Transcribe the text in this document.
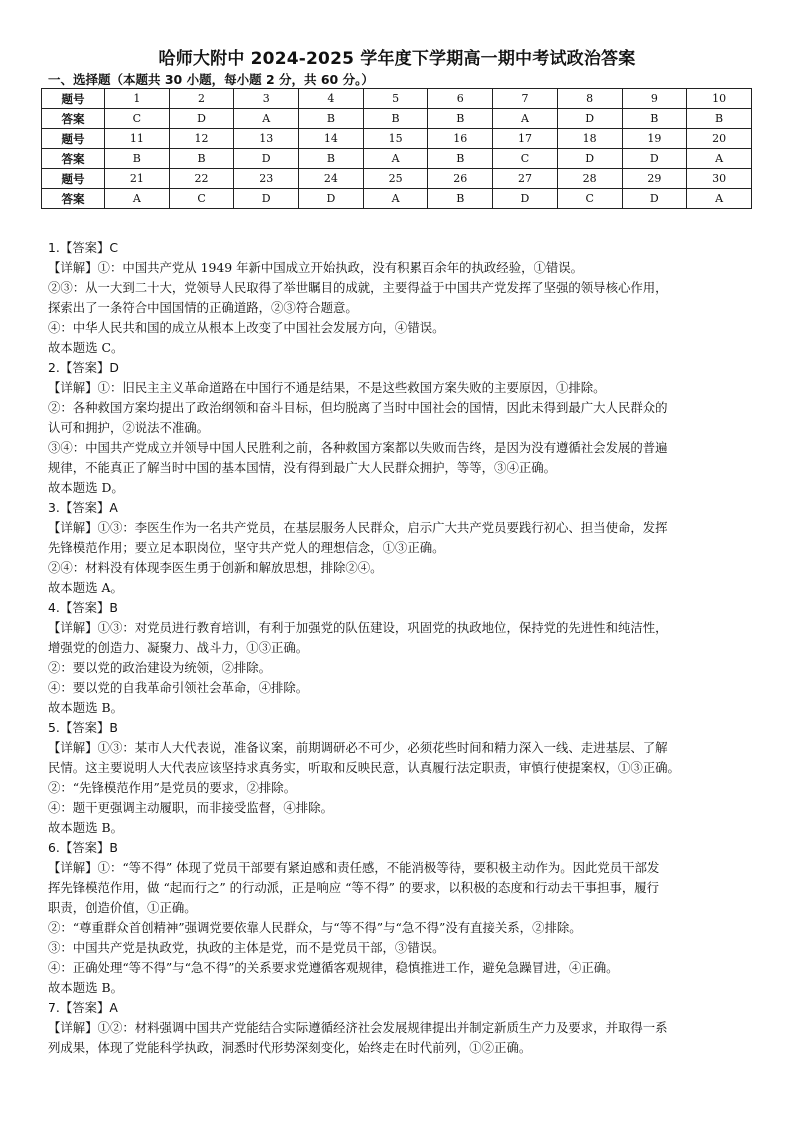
哈师大附中 2024-2025 学年度下学期高一期中考试政治答案
一、选择题（本题共 30 小题，每小题 2 分，共 60 分。）
题号	1	2	3	4	5	6	7	8	9	10
答案	C	D	A	B	B	B	A	D	B	B
题号	11	12	13	14	15	16	17	18	19	20
答案	B	B	D	B	A	B	C	D	D	A
题号	21	22	23	24	25	26	27	28	29	30
答案	A	C	D	D	A	B	D	C	D	A

1.【答案】C

【详解】①：中国共产党从 1949 年新中国成立开始执政，没有积累百余年的执政经验，①错误。

②③：从一大到二十大，党领导人民取得了举世瞩目的成就，主要得益于中国共产党发挥了坚强的领导核心作用，

探索出了一条符合中国国情的正确道路，②③符合题意。

④：中华人民共和国的成立从根本上改变了中国社会发展方向，④错误。

故本题选 C。

2.【答案】D

【详解】①：旧民主主义革命道路在中国行不通是结果，不是这些救国方案失败的主要原因，①排除。

②：各种救国方案均提出了政治纲领和奋斗目标，但均脱离了当时中国社会的国情，因此未得到最广大人民群众的

认可和拥护，②说法不准确。

③④：中国共产党成立并领导中国人民胜利之前，各种救国方案都以失败而告终，是因为没有遵循社会发展的普遍

规律，不能真正了解当时中国的基本国情，没有得到最广大人民群众拥护，等等，③④正确。

故本题选 D。

3.【答案】A

【详解】①③：李医生作为一名共产党员，在基层服务人民群众，启示广大共产党员要践行初心、担当使命，发挥

先锋模范作用；要立足本职岗位，坚守共产党人的理想信念，①③正确。

②④：材料没有体现李医生勇于创新和解放思想，排除②④。

故本题选 A。

4.【答案】B

【详解】①③：对党员进行教育培训，有利于加强党的队伍建设，巩固党的执政地位，保持党的先进性和纯洁性，

增强党的创造力、凝聚力、战斗力，①③正确。

②：要以党的政治建设为统领，②排除。

④：要以党的自我革命引领社会革命，④排除。

故本题选 B。

5.【答案】B

【详解】①③：某市人大代表说，准备议案，前期调研必不可少，必须花些时间和精力深入一线、走进基层、了解

民情。这主要说明人大代表应该坚持求真务实，听取和反映民意，认真履行法定职责，审慎行使提案权，①③正确。

②：“先锋模范作用”是党员的要求，②排除。

④：题干更强调主动履职，而非接受监督，④排除。

故本题选 B。

6.【答案】B

【详解】①：“等不得” 体现了党员干部要有紧迫感和责任感，不能消极等待，要积极主动作为。因此党员干部发

挥先锋模范作用，做 “起而行之” 的行动派，正是响应 “等不得” 的要求，以积极的态度和行动去干事担事，履行

职责，创造价值，①正确。

②：“尊重群众首创精神”强调党要依靠人民群众，与“等不得”与“急不得”没有直接关系，②排除。

③：中国共产党是执政党，执政的主体是党，而不是党员干部，③错误。

④：正确处理“等不得”与“急不得”的关系要求党遵循客观规律，稳慎推进工作，避免急躁冒进，④正确。

故本题选 B。

7.【答案】A

【详解】①②：材料强调中国共产党能结合实际遵循经济社会发展规律提出并制定新质生产力及要求，并取得一系

列成果，体现了党能科学执政，洞悉时代形势深刻变化，始终走在时代前列，①②正确。
